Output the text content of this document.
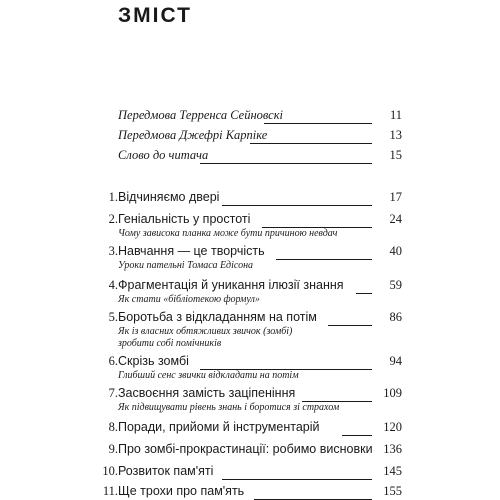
ЗМІСТ
Передмова Терренса Сейновскі	11
Передмова Джефрі Карпіке	13
Слово до читача	15
1. Відчиняємо двері	17
2. Геніальність у простоті	24
Чому зависока планка може бути причиною невдач
3. Навчання — це творчість	40
Уроки пательні Томаса Едісона
4. Фрагментація й уникання ілюзії знання	59
Як стати «бібліотекою формул»
5. Боротьба з відкладанням на потім	86
Як із власних обтяжливих звичок (зомбі)
зробити собі помічників
6. Скрізь зомбі	94
Глибший сенс звички відкладати на потім
7. Засвоєння замість заціпеніння	109
Як підвищувати рівень знань і боротися зі страхом
8. Поради, прийоми й інструментарій	120
9. Про зомбі-прокрастинації: робимо висновки 136
10. Розвиток пам'яті	145
11. Ще трохи про пам'ять	155
